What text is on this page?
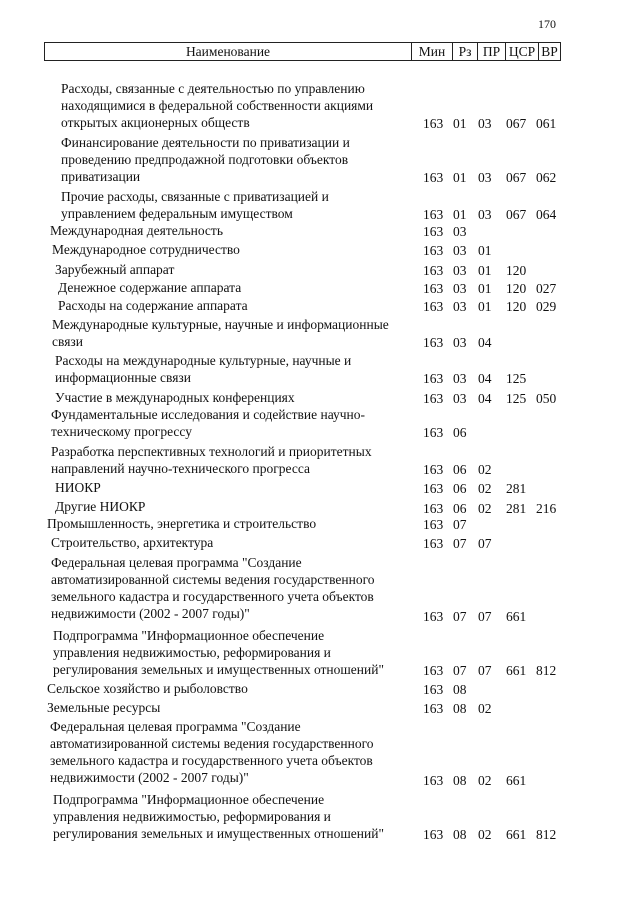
170
Наименование	Мин Рз ПР ЦСР ВР
Расходы, связанные с деятельностью по управлению
находящимися в федеральной собственности акциями
открытых акционерных обществ	163 01 03 067 061
Финансирование деятельности по приватизации и
проведению предпродажной подготовки объектов
приватизации	163 01 03 067 062
Прочие расходы, связанные с приватизацией и
управлением федеральным имуществом	163 01 03 067 064
Международная деятельность	163 03
Международное сотрудничество	163 03 01
Зарубежный аппарат	163 03 01 120
Денежное содержание аппарата	163 03 01 120 027
Расходы на содержание аппарата	163 03 01 120 029
Международные культурные, научные и информационные
связи	163 03 04
Расходы на международные культурные, научные и
информационные связи	163 03 04 125
Участие в международных конференциях	163 03 04 125 050
Фундаментальные исследования и содействие научно-
техническому прогрессу	163 06
Разработка перспективных технологий и приоритетных
направлений научно-технического прогресса	163 06 02
НИОКР	163 06 02 281
Другие НИОКР	163 06 02 281 216
Промышленность, энергетика и строительство	163 07
Строительство, архитектура	163 07 07
Федеральная целевая программа "Создание
автоматизированной системы ведения государственного
земельного кадастра и государственного учета объектов
недвижимости (2002 - 2007 годы)"	163 07 07 661
Подпрограмма "Информационное обеспечение
управления недвижимостью, реформирования и
регулирования земельных и имущественных отношений"	163 07 07 661 812
Сельское хозяйство и рыболовство	163 08
Земельные ресурсы	163 08 02
Федеральная целевая программа "Создание
автоматизированной системы ведения государственного
земельного кадастра и государственного учета объектов
недвижимости (2002 - 2007 годы)"	163 08 02 661
Подпрограмма "Информационное обеспечение
управления недвижимостью, реформирования и
регулирования земельных и имущественных отношений"	163 08 02 661 812
